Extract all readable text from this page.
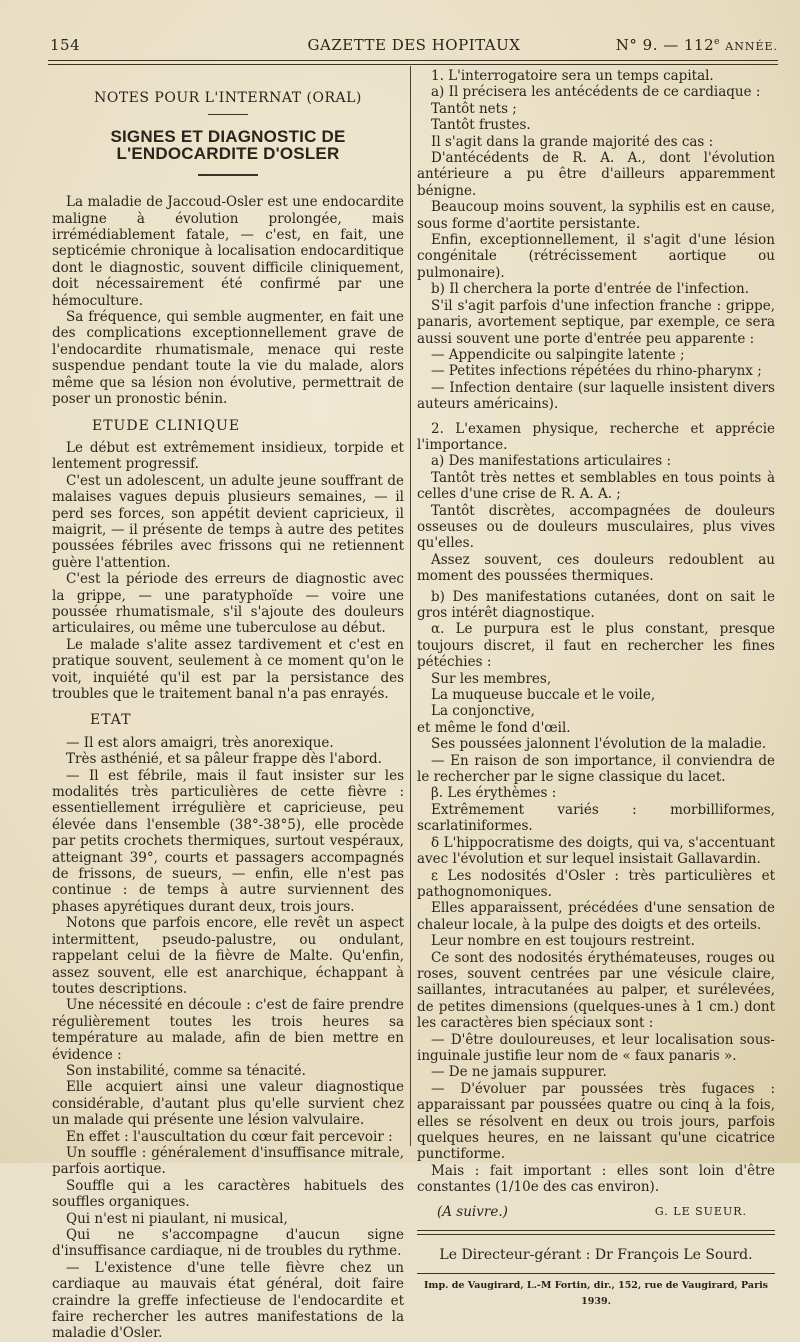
154	GAZETTE DES HOPITAUX	N° 9. — 112e ANNÉE.
NOTES POUR L'INTERNAT (ORAL)
SIGNES ET DIAGNOSTIC DE L'ENDOCARDITE D'OSLER

La maladie de Jaccoud-Osler est une endocardite maligne à évolution prolongée, mais irrémédiablement fatale, — c'est, en fait, une septicémie chronique à localisation endocarditique dont le diagnostic, souvent difficile cliniquement, doit nécessairement été confirmé par une hémoculture.

Sa fréquence, qui semble augmenter, en fait une des complications exceptionnellement grave de l'endocardite rhumatismale, menace qui reste suspendue pendant toute la vie du malade, alors même que sa lésion non évolutive, permettrait de poser un pronostic bénin.

ETUDE CLINIQUE

Le début est extrêmement insidieux, torpide et lentement progressif.

C'est un adolescent, un adulte jeune souffrant de malaises vagues depuis plusieurs semaines, — il perd ses forces, son appétit devient capricieux, il maigrit, — il présente de temps à autre des petites poussées fébriles avec frissons qui ne retiennent guère l'attention.

C'est la période des erreurs de diagnostic avec la grippe, — une paratyphoïde — voire une poussée rhumatismale, s'il s'ajoute des douleurs articulaires, ou même une tuberculose au début.

Le malade s'alite assez tardivement et c'est en pratique souvent, seulement à ce moment qu'on le voit, inquiété qu'il est par la persistance des troubles que le traitement banal n'a pas enrayés.

ETAT

— Il est alors amaigri, très anorexique.

Très asthénié, et sa pâleur frappe dès l'abord.

— Il est fébrile, mais il faut insister sur les modalités très particulières de cette fièvre : essentiellement irrégulière et capricieuse, peu élevée dans l'ensemble (38°-38°5), elle procède par petits crochets thermiques, surtout vespéraux, atteignant 39°, courts et passagers accompagnés de frissons, de sueurs, — enfin, elle n'est pas continue : de temps à autre surviennent des phases apyrétiques durant deux, trois jours.

Notons que parfois encore, elle revêt un aspect intermittent, pseudo-palustre, ou ondulant, rappelant celui de la fièvre de Malte. Qu'enfin, assez souvent, elle est anarchique, échappant à toutes descriptions.

Une nécessité en découle : c'est de faire prendre régulièrement toutes les trois heures sa température au malade, afin de bien mettre en évidence :

Son instabilité, comme sa ténacité.

Elle acquiert ainsi une valeur diagnostique considérable, d'autant plus qu'elle survient chez un malade qui présente une lésion valvulaire.

En effet : l'auscultation du cœur fait percevoir :

Un souffle : généralement d'insuffisance mitrale, parfois aortique.

Souffle qui a les caractères habituels des souffles organiques.

Qui n'est ni piaulant, ni musical,

Qui ne s'accompagne d'aucun signe d'insuffisance cardiaque, ni de troubles du rythme.

— L'existence d'une telle fièvre chez un cardiaque au mauvais état général, doit faire craindre la greffe infectieuse de l'endocardite et faire rechercher les autres manifestations de la maladie d'Osler.

1. L'interrogatoire sera un temps capital.

a) Il précisera les antécédents de ce cardiaque :

Tantôt nets ;

Tantôt frustes.

Il s'agit dans la grande majorité des cas :

D'antécédents de R. A. A., dont l'évolution antérieure a pu être d'ailleurs apparemment bénigne.

Beaucoup moins souvent, la syphilis est en cause, sous forme d'aortite persistante.

Enfin, exceptionnellement, il s'agit d'une lésion congénitale (rétrécissement aortique ou pulmonaire).

b) Il cherchera la porte d'entrée de l'infection.

S'il s'agit parfois d'une infection franche : grippe, panaris, avortement septique, par exemple, ce sera aussi souvent une porte d'entrée peu apparente :

— Appendicite ou salpingite latente ;

— Petites infections répétées du rhino-pharynx ;

— Infection dentaire (sur laquelle insistent divers auteurs américains).

2. L'examen physique, recherche et apprécie l'importance.

a) Des manifestations articulaires :

Tantôt très nettes et semblables en tous points à celles d'une crise de R. A. A. ;

Tantôt discrètes, accompagnées de douleurs osseuses ou de douleurs musculaires, plus vives qu'elles.

Assez souvent, ces douleurs redoublent au moment des poussées thermiques.

b) Des manifestations cutanées, dont on sait le gros intérêt diagnostique.

α. Le purpura est le plus constant, presque toujours discret, il faut en rechercher les fines pétéchies :

Sur les membres,

La muqueuse buccale et le voile,

La conjonctive,

et même le fond d'œil.

Ses poussées jalonnent l'évolution de la maladie.

— En raison de son importance, il conviendra de le rechercher par le signe classique du lacet.

β. Les érythèmes :

Extrêmement variés : morbilliformes, scarlatiniformes.

δ L'hippocratisme des doigts, qui va, s'accentuant avec l'évolution et sur lequel insistait Gallavardin.

ε Les nodosités d'Osler : très particulières et pathognomoniques.

Elles apparaissent, précédées d'une sensation de chaleur locale, à la pulpe des doigts et des orteils.

Leur nombre en est toujours restreint.

Ce sont des nodosités érythémateuses, rouges ou roses, souvent centrées par une vésicule claire, saillantes, intracutanées au palper, et surélevées, de petites dimensions (quelques-unes à 1 cm.) dont les caractères bien spéciaux sont :

— D'être douloureuses, et leur localisation sous-inguinale justifie leur nom de « faux panaris ».

— De ne jamais suppurer.

— D'évoluer par poussées très fugaces : apparaissant par poussées quatre ou cinq à la fois, elles se résolvent en deux ou trois jours, parfois quelques heures, en ne laissant qu'une cicatrice punctiforme.

Mais : fait important : elles sont loin d'être constantes (1/10e des cas environ).

(A suivre.)	G. LE SUEUR.
Le Directeur-gérant : Dr François Le Sourd.
Imp. de Vaugirard, L.-M Fortin, dir., 152, rue de Vaugirard, Paris 1939.
